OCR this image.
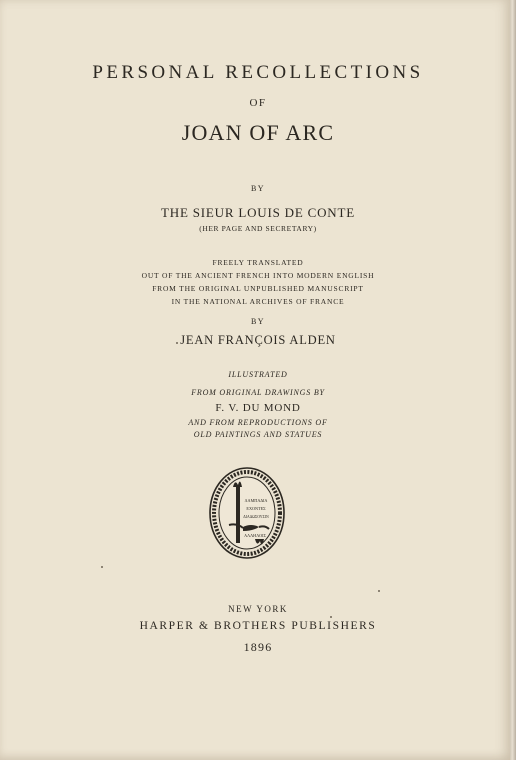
PERSONAL RECOLLECTIONS
OF
JOAN OF ARC
BY
THE SIEUR LOUIS DE CONTE
(HER PAGE AND SECRETARY)
FREELY TRANSLATED
OUT OF THE ANCIENT FRENCH INTO MODERN ENGLISH
FROM THE ORIGINAL UNPUBLISHED MANUSCRIPT
IN THE NATIONAL ARCHIVES OF FRANCE
BY
JEAN FRANÇOIS ALDEN
ILLUSTRATED
FROM ORIGINAL DRAWINGS BY
F. V. DU MOND
AND FROM REPRODUCTIONS OF
OLD PAINTINGS AND STATUES
ΛΑΜΠΑΔΙΑ
ΕΧΟΝΤΕΣ
ΔΙΑΔΩΣΟΥΣΙΝ
ΑΛΛΗΛΟΙΣ
NEW YORK
HARPER & BROTHERS PUBLISHERS
1896
